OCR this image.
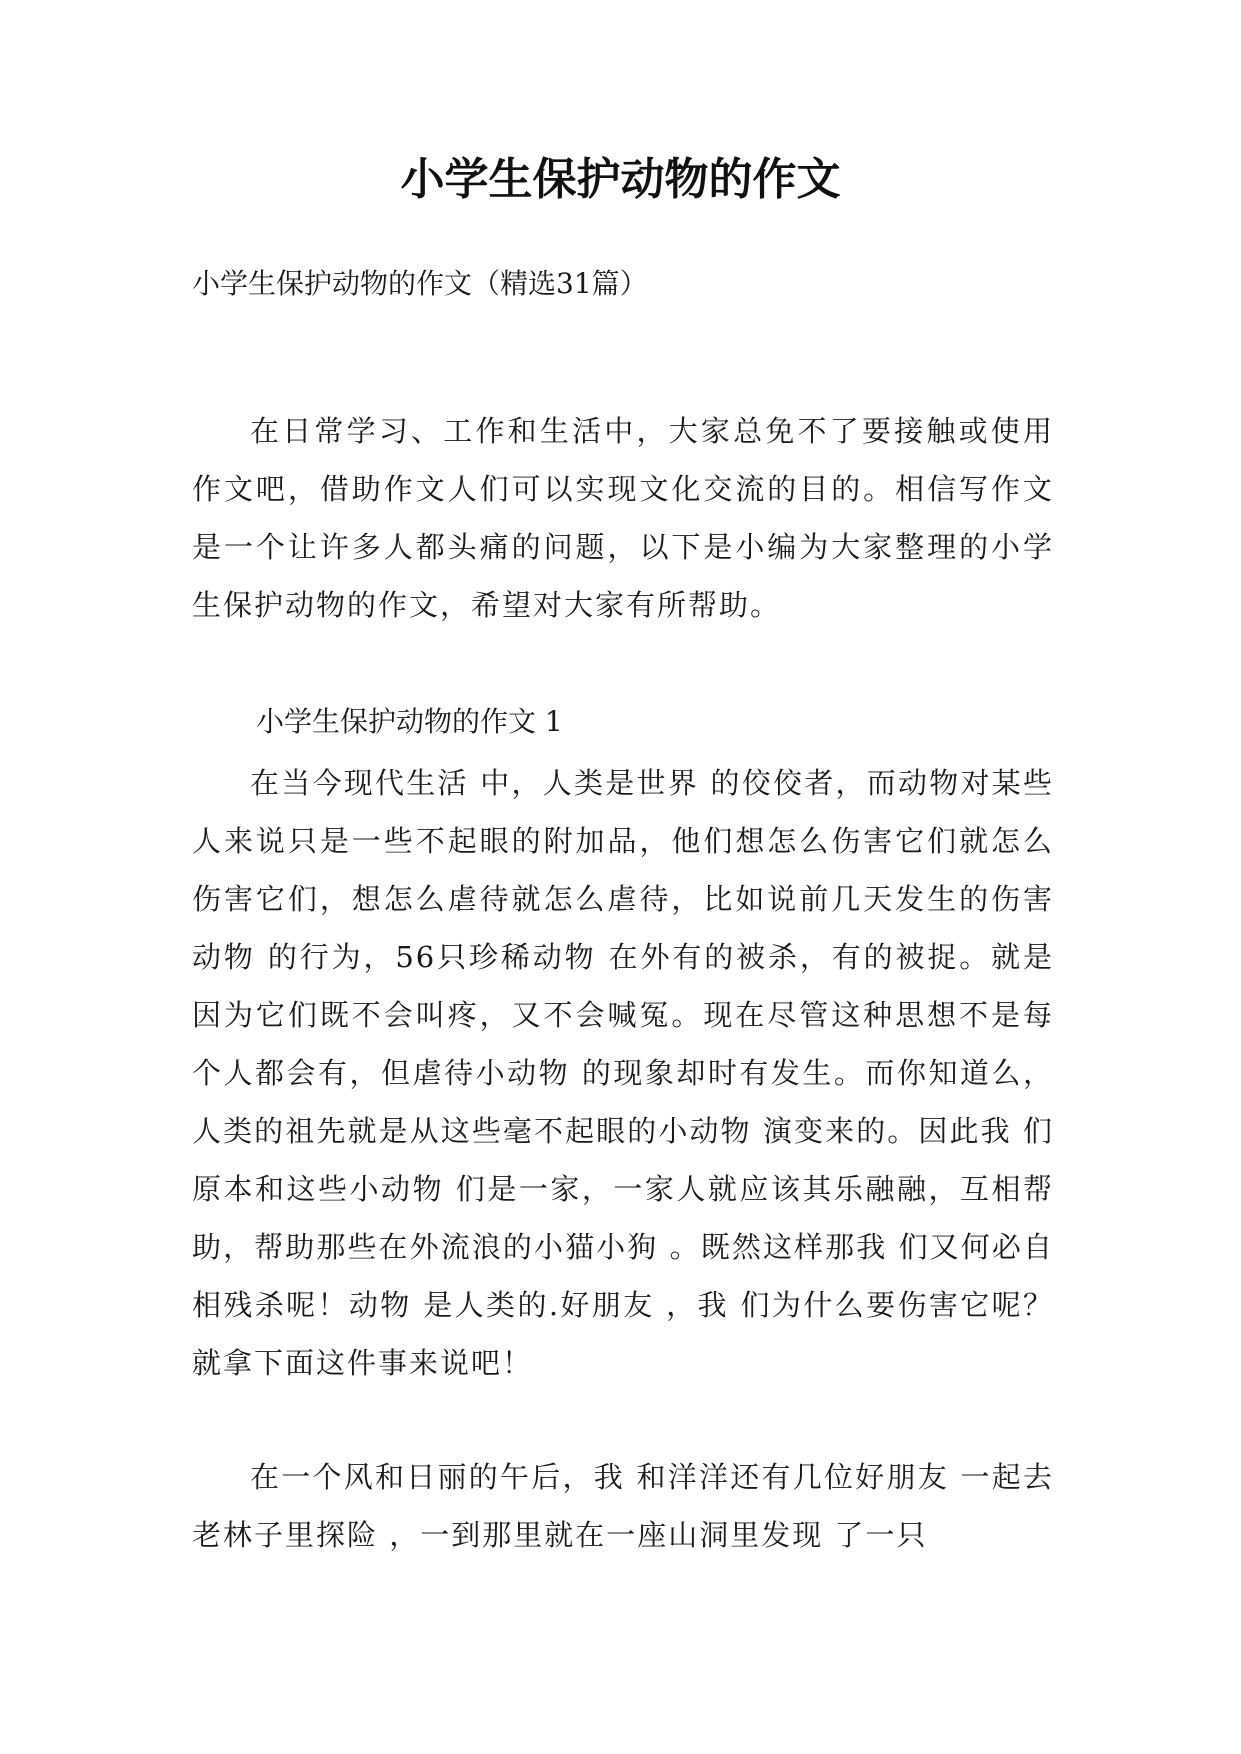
小学生保护动物的作文

小学生保护动物的作文（精选31篇）

在日常学习、工作和生活中，大家总免不了要接触或使用作文吧，借助作文人们可以实现文化交流的目的。相信写作文是一个让许多人都头痛的问题，以下是小编为大家整理的小学生保护动物的作文，希望对大家有所帮助。

小学生保护动物的作文 1

在当今现代生活 中，人类是世界 的佼佼者，而动物对某些人来说只是一些不起眼的附加品，他们想怎么伤害它们就怎么伤害它们，想怎么虐待就怎么虐待，比如说前几天发生的伤害动物 的行为，56只珍稀动物 在外有的被杀，有的被捉。就是因为它们既不会叫疼，又不会喊冤。现在尽管这种思想不是每个人都会有，但虐待小动物 的现象却时有发生。而你知道么，人类的祖先就是从这些毫不起眼的小动物 演变来的。因此我 们原本和这些小动物 们是一家，一家人就应该其乐融融，互相帮助，帮助那些在外流浪的小猫小狗 。既然这样那我 们又何必自相残杀呢！动物 是人类的.好朋友 ，我 们为什么要伤害它呢？就拿下面这件事来说吧！

在一个风和日丽的午后，我 和洋洋还有几位好朋友 一起去老林子里探险 ，一到那里就在一座山洞里发现 了一只
